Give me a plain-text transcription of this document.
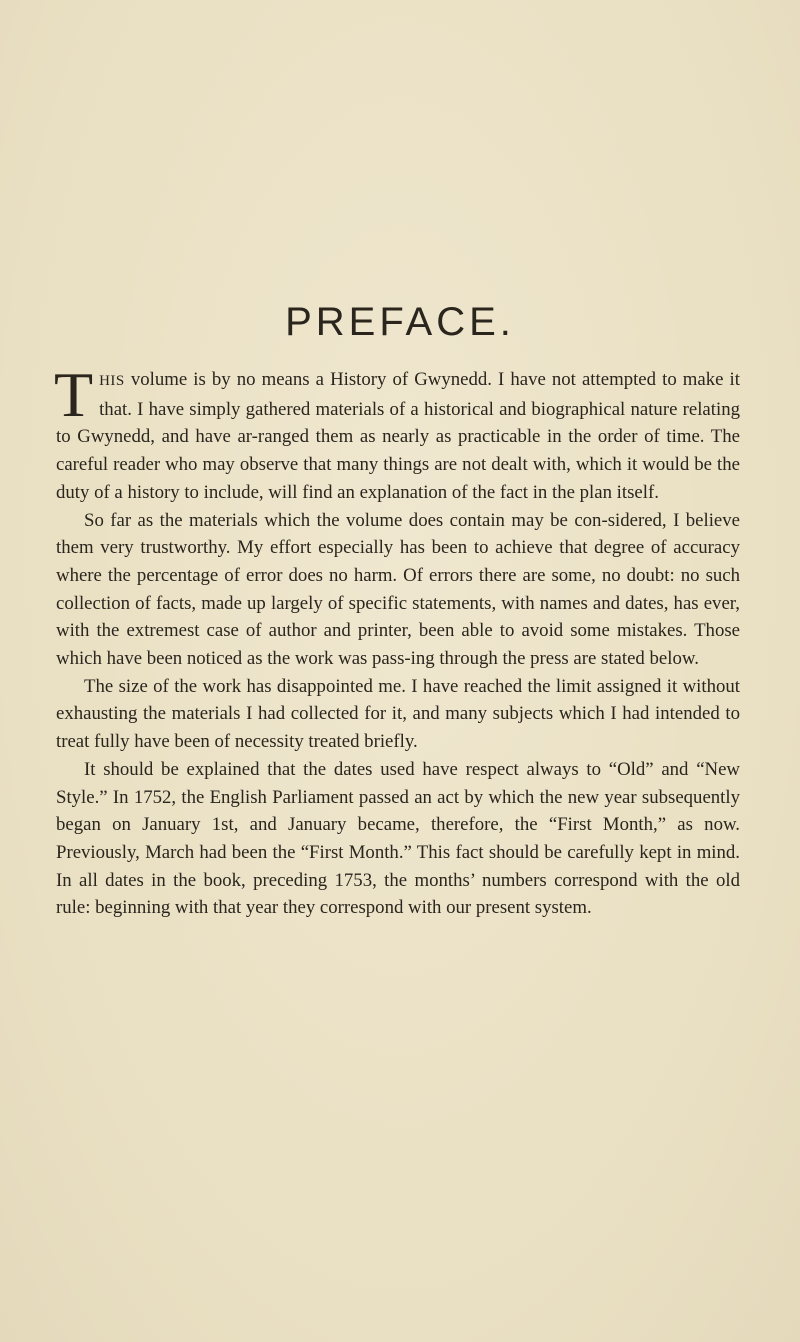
PREFACE.

THIS volume is by no means a History of Gwynedd. I have not attempted to make it that. I have simply gathered materials of a historical and biographical nature relating to Gwynedd, and have ar-ranged them as nearly as practicable in the order of time. The careful reader who may observe that many things are not dealt with, which it would be the duty of a history to include, will find an explanation of the fact in the plan itself.

So far as the materials which the volume does contain may be con-sidered, I believe them very trustworthy. My effort especially has been to achieve that degree of accuracy where the percentage of error does no harm. Of errors there are some, no doubt: no such collection of facts, made up largely of specific statements, with names and dates, has ever, with the extremest case of author and printer, been able to avoid some mistakes. Those which have been noticed as the work was pass-ing through the press are stated below.

The size of the work has disappointed me. I have reached the limit assigned it without exhausting the materials I had collected for it, and many subjects which I had intended to treat fully have been of necessity treated briefly.

It should be explained that the dates used have respect always to “Old” and “New Style.” In 1752, the English Parliament passed an act by which the new year subsequently began on January 1st, and January became, therefore, the “First Month,” as now. Previously, March had been the “First Month.” This fact should be carefully kept in mind. In all dates in the book, preceding 1753, the months’ numbers correspond with the old rule: beginning with that year they correspond with our present system.
